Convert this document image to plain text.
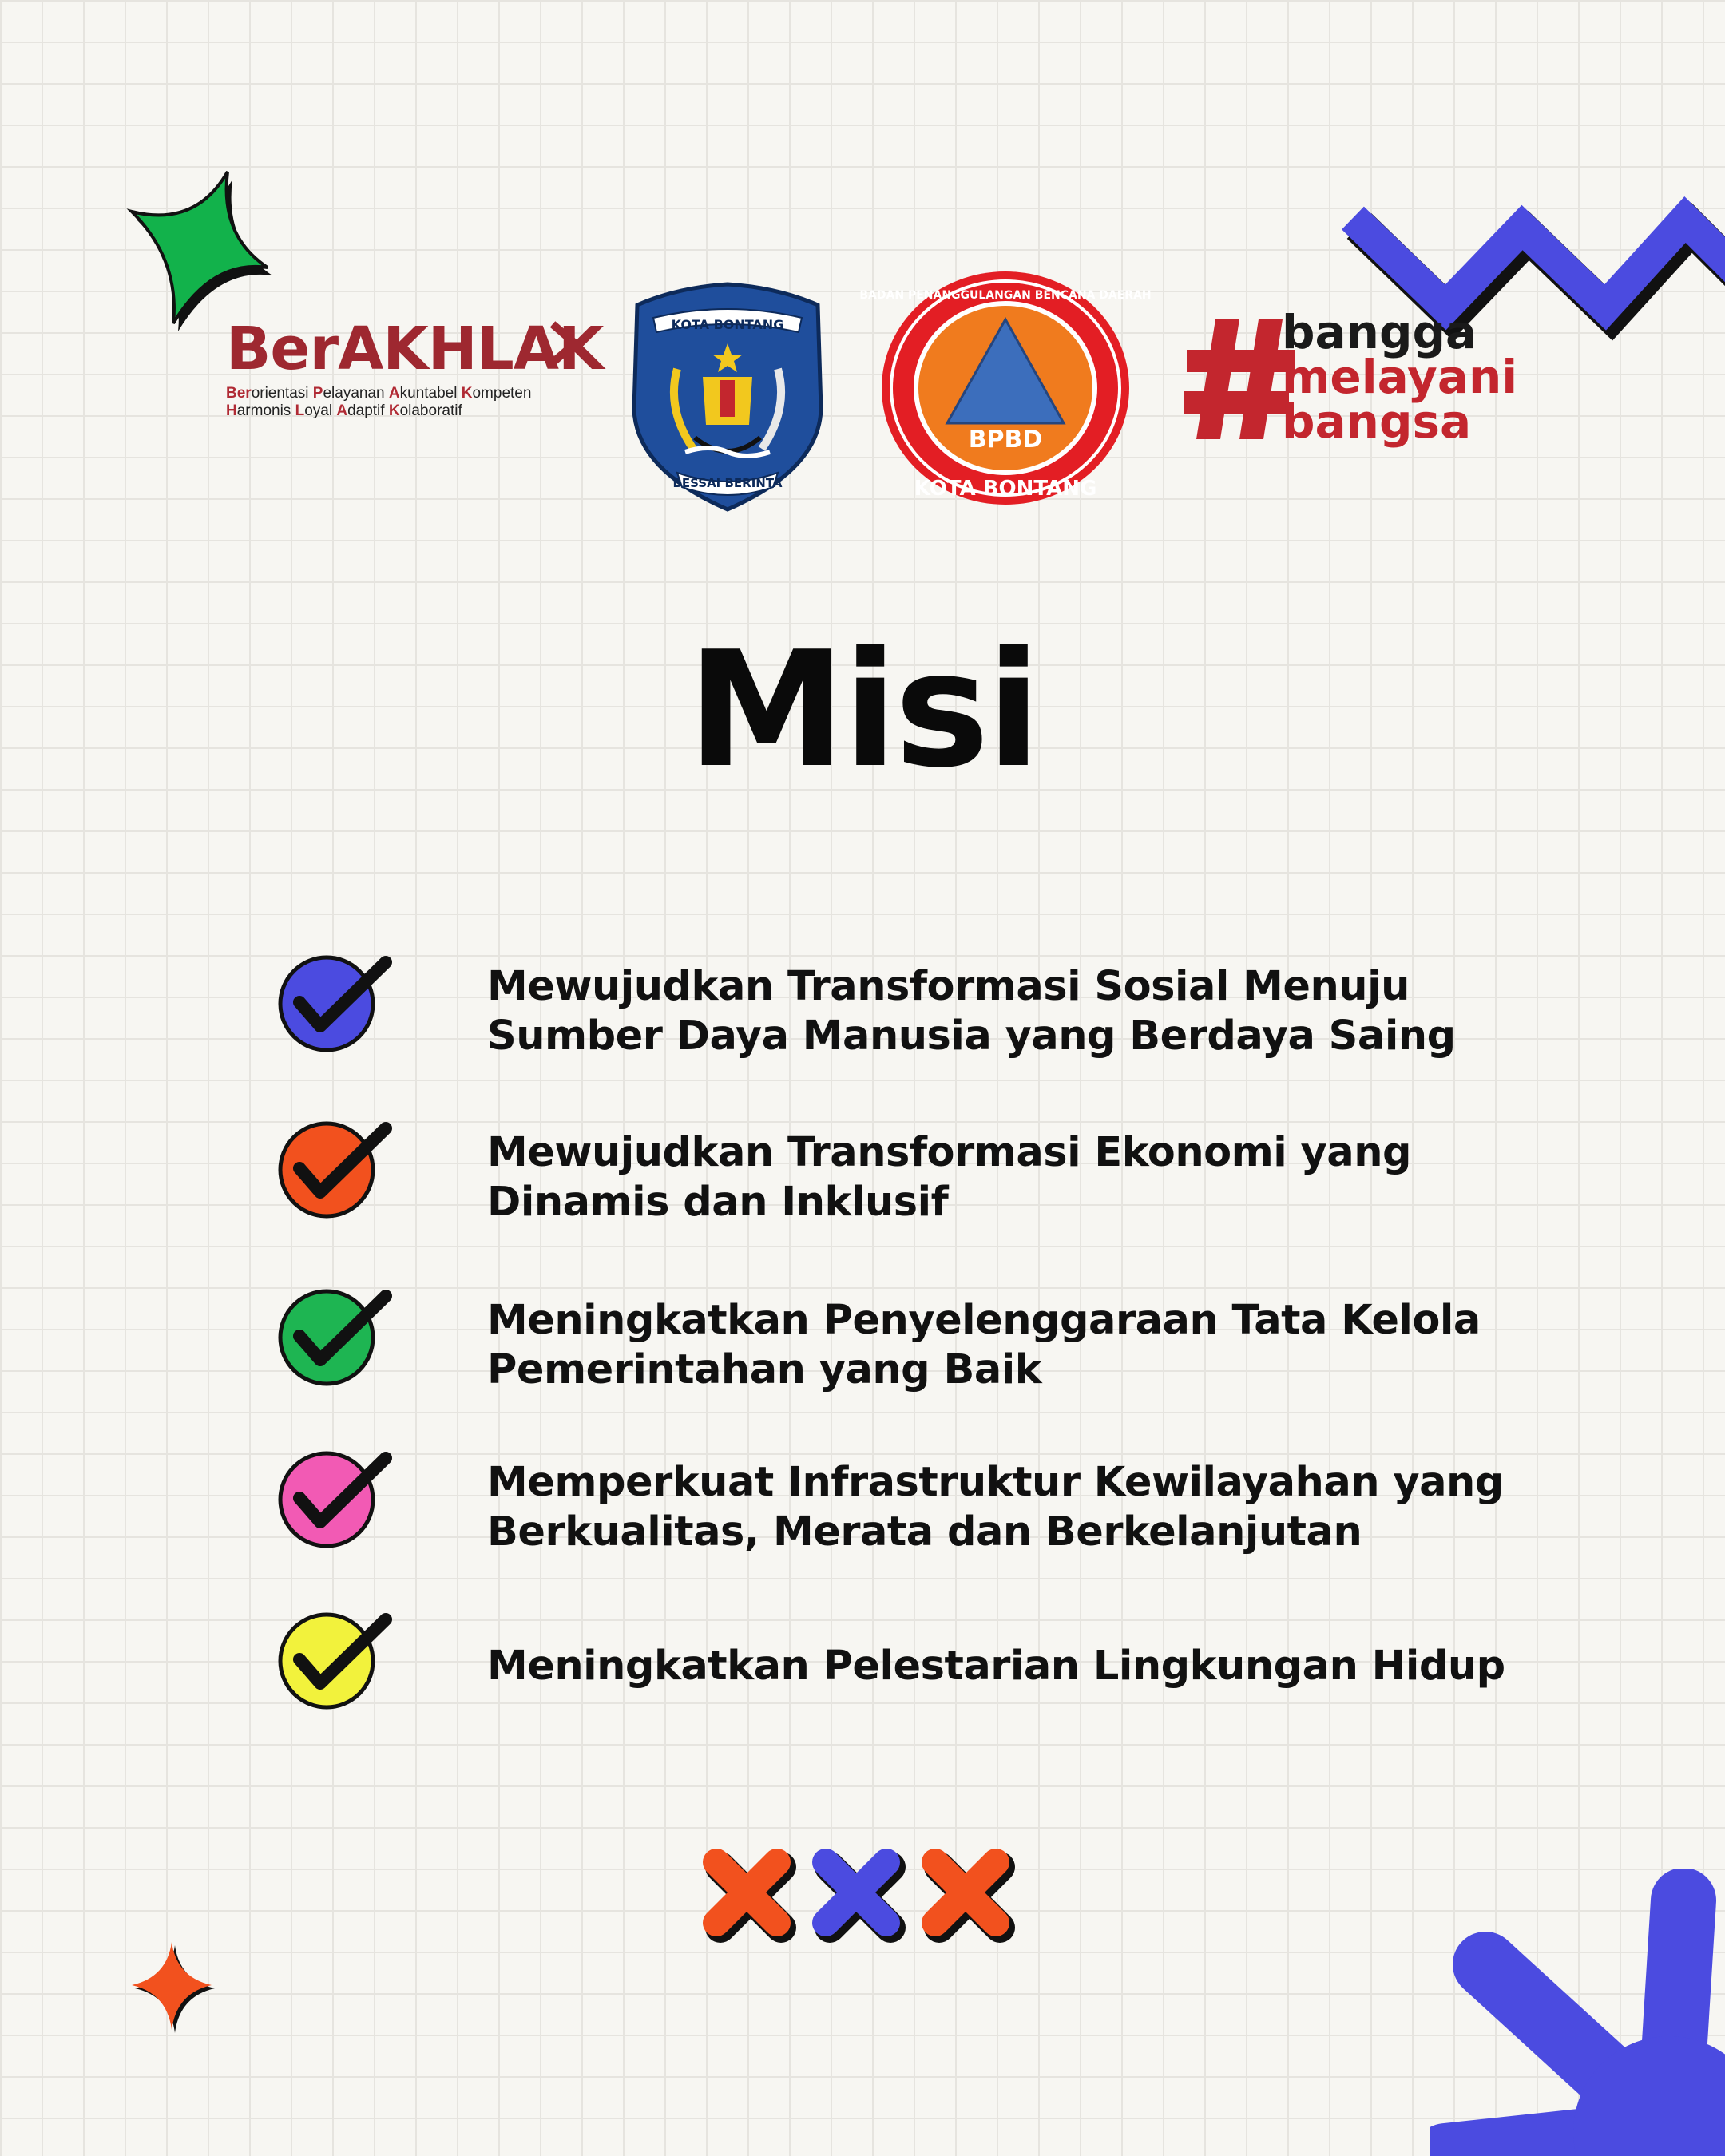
BerAKHLAK
Berorientasi Pelayanan Akuntabel Kompeten
Harmonis Loyal Adaptif Kolaboratif
KOTA BONTANG
BESSAI BERINTA
BPBD
BADAN PENANGGULANGAN BENCANA DAERAH
KOTA BONTANG
bangga
melayani
bangsa
Misi
Mewujudkan Transformasi Sosial Menuju
Sumber Daya Manusia yang Berdaya Saing
Mewujudkan Transformasi Ekonomi yang
Dinamis dan Inklusif
Meningkatkan Penyelenggaraan Tata Kelola
Pemerintahan yang Baik
Memperkuat Infrastruktur Kewilayahan yang
Berkualitas, Merata dan Berkelanjutan
Meningkatkan Pelestarian Lingkungan Hidup
